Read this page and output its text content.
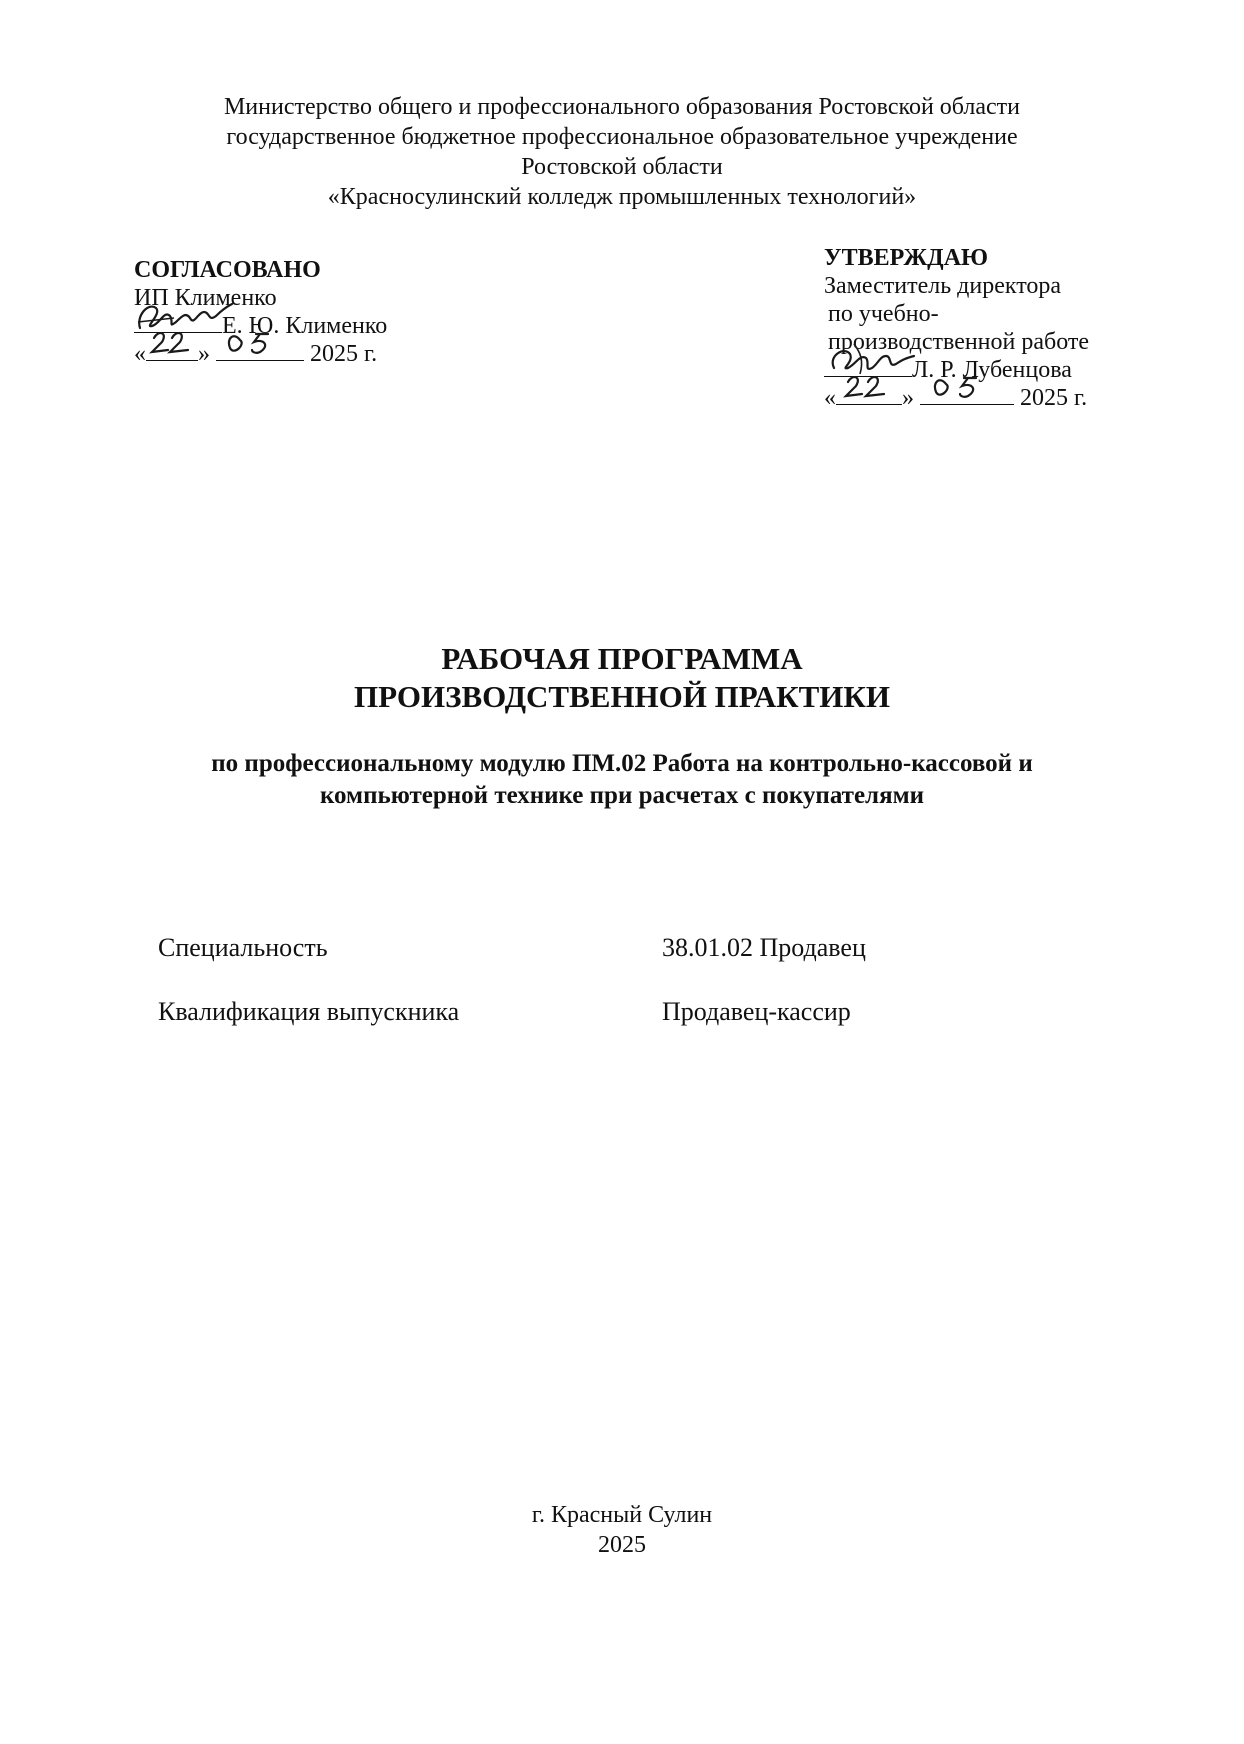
Министерство общего и профессионального образования Ростовской области
государственное бюджетное профессиональное образовательное учреждение
Ростовской области
«Красносулинский колледж промышленных технологий»
СОГЛАСОВАНО
ИП Клименко
Е. Ю. Клименко
« »	2025 г.
УТВЕРЖДАЮ
Заместитель директора
по учебно-
производственной работе
Л. Р. Лубенцова
«	»	2025 г.
РАБОЧАЯ ПРОГРАММА
ПРОИЗВОДСТВЕННОЙ ПРАКТИКИ
по профессиональному модулю ПМ.02 Работа на контрольно-кассовой и
компьютерной технике при расчетах с покупателями
Специальность	38.01.02 Продавец
Квалификация выпускника	Продавец-кассир
г. Красный Сулин
2025
